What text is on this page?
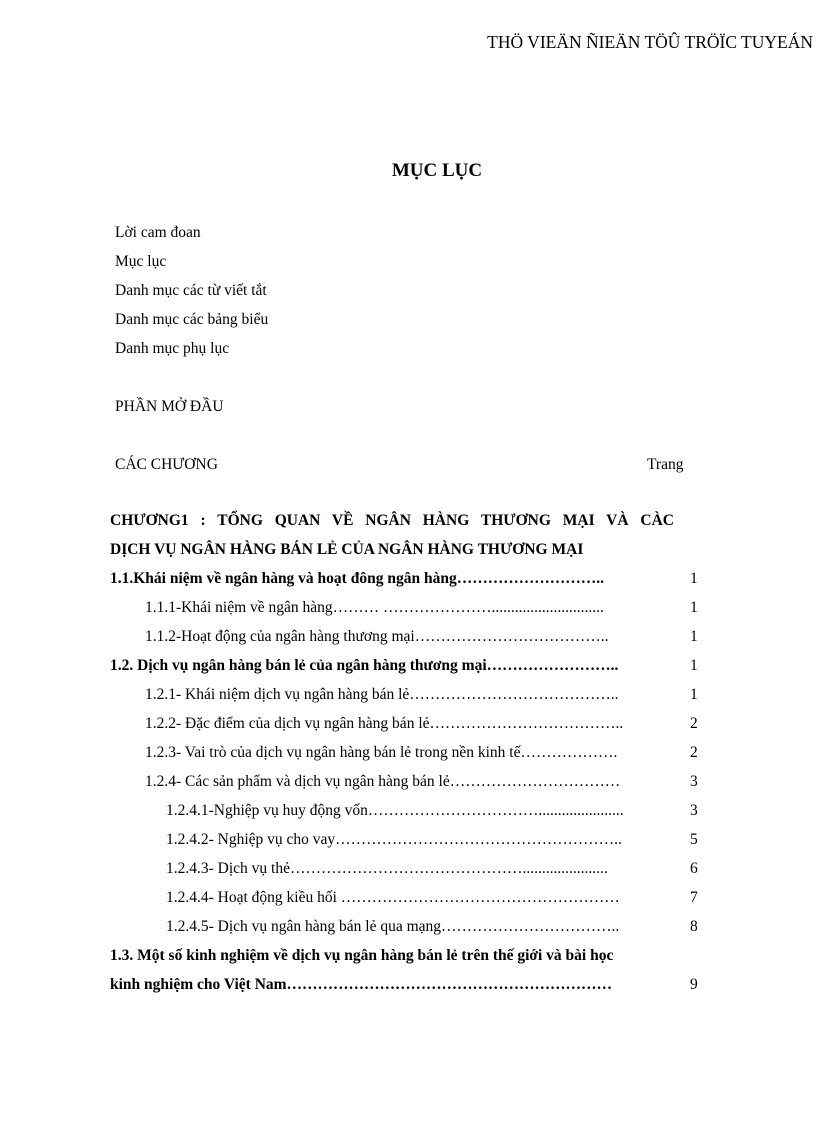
THÖ VIEÄN ÑIEÄN TÖÛ TRÖÏC TUYEÁN
MỤC LỤC
Lời cam đoan
Mục lục
Danh mục các từ viết tắt
Danh mục các bảng biểu
Danh mục phụ lục
PHẦN MỞ ĐẦU
CÁC CHƯƠNG	Trang
CHƯƠNG1 : TỔNG QUAN VỀ NGÂN HÀNG THƯƠNG MẠI VÀ CÀC
DỊCH VỤ NGÂN HÀNG BÁN LẺ CỦA NGÂN HÀNG THƯƠNG MẠI
1.1.Khái niệm về ngân hàng và hoạt đông ngân hàng………………………..	1
1.1.1-Khái niệm về ngân hàng……… ………………….............................	1
1.1.2-Hoạt động của ngân hàng thương mại………………………………..	1
1.2. Dịch vụ ngân hàng bán lẻ của ngân hàng thương mại……………………..	1
1.2.1- Khái niệm dịch vụ ngân hàng bán lẻ…………………………………..	1
1.2.2- Đặc điểm của dịch vụ ngân hàng bán lẻ………………………………..	2
1.2.3- Vai trò của dịch vụ ngân hàng bán lẻ trong nền kinh tế……………….	2
1.2.4- Các sản phẩm và dịch vụ ngân hàng bán lẻ……………………………	3
1.2.4.1-Nghiệp vụ huy động vốn……………………………......................	3
1.2.4.2- Nghiệp vụ cho vay………………………………………………..	5
1.2.4.3- Dịch vụ thẻ………………………………………......................	6
1.2.4.4- Hoạt động kiều hối ………………………………………………	7
1.2.4.5- Dịch vụ ngân hàng bán lẻ qua mạng……………………………..	8
1.3. Một số kinh nghiệm về dịch vụ ngân hàng bán lẻ trên thế giới và bài học
kinh nghiệm cho Việt Nam………………………………………………………	9
